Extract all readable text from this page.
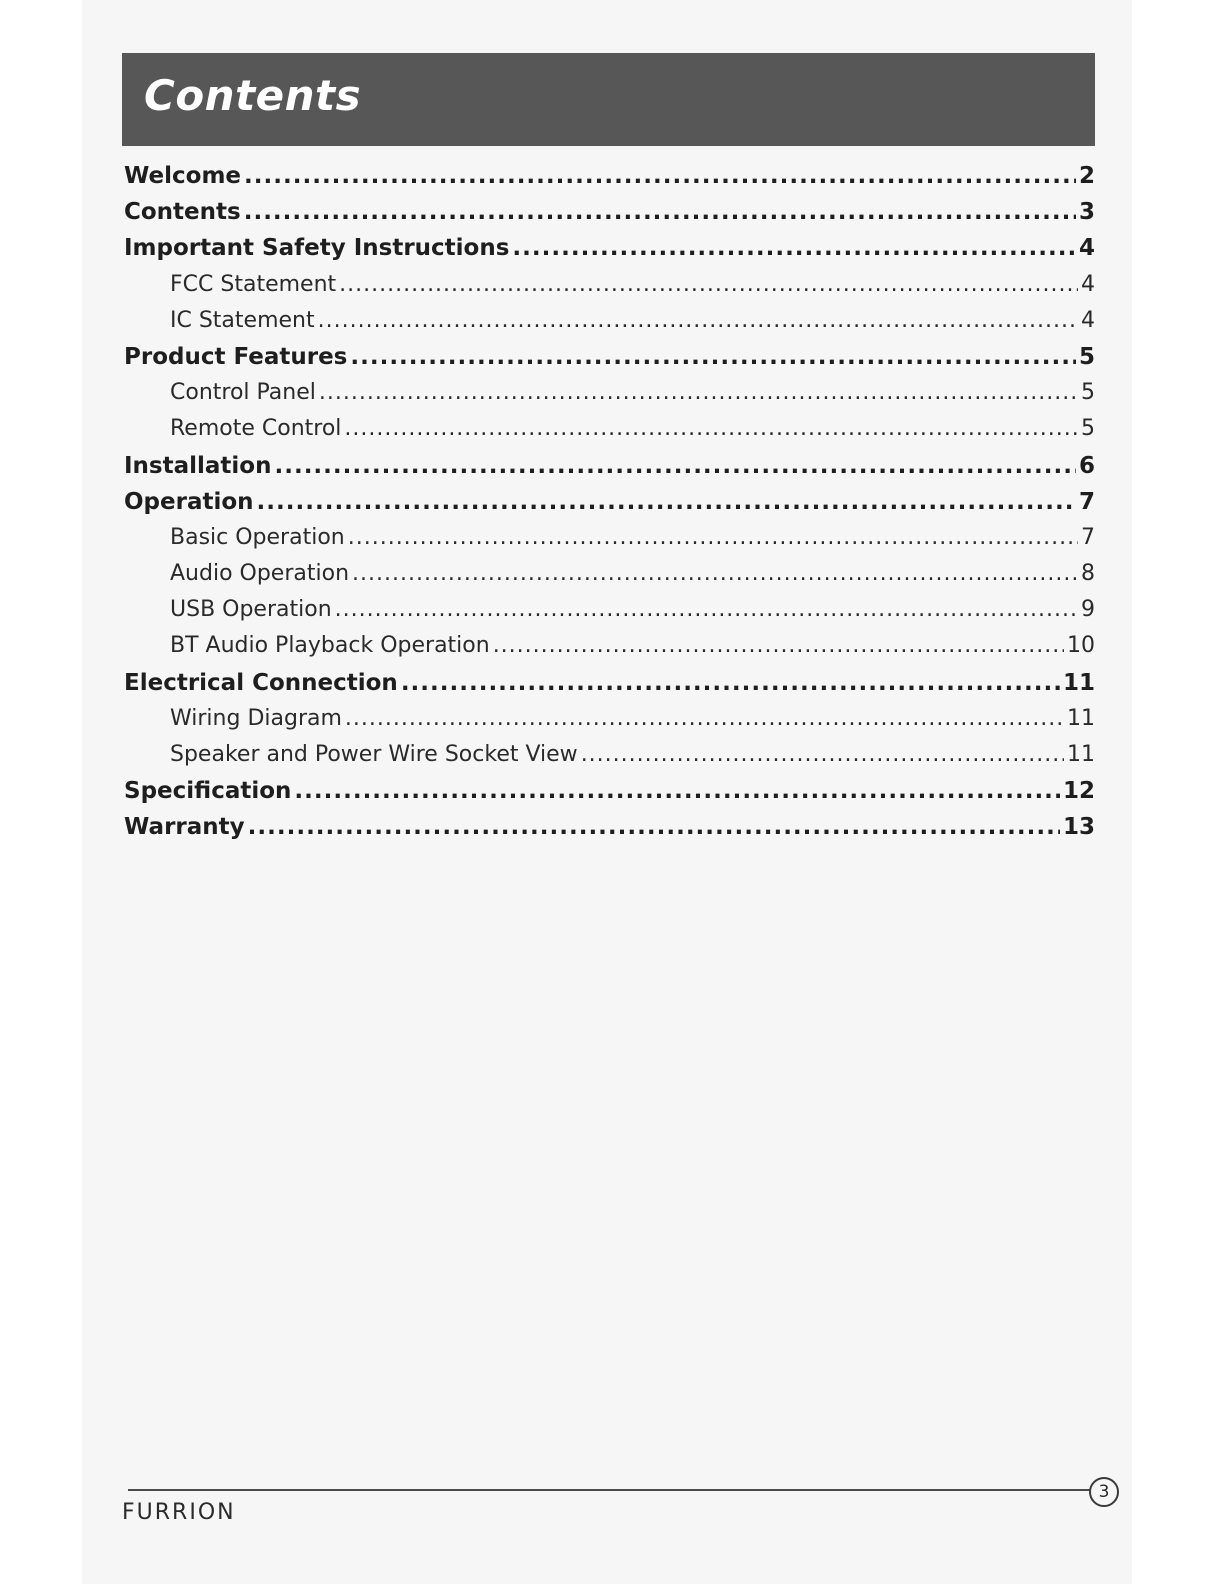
Contents
Welcome .....	2
Contents .....	3
Important Safety Instructions .....	4
FCC Statement .....	4
IC Statement .....	4
Product Features .....	5
Control Panel .....	5
Remote Control .....	5
Installation .....	6
Operation .....	7
Basic Operation .....	7
Audio Operation .....	8
USB Operation .....	9
BT Audio Playback Operation .....	10
Electrical Connection .....	11
Wiring Diagram .....	11
Speaker and Power Wire Socket View .....	11
Specification .....	12
Warranty .....	13
3
FURRION
